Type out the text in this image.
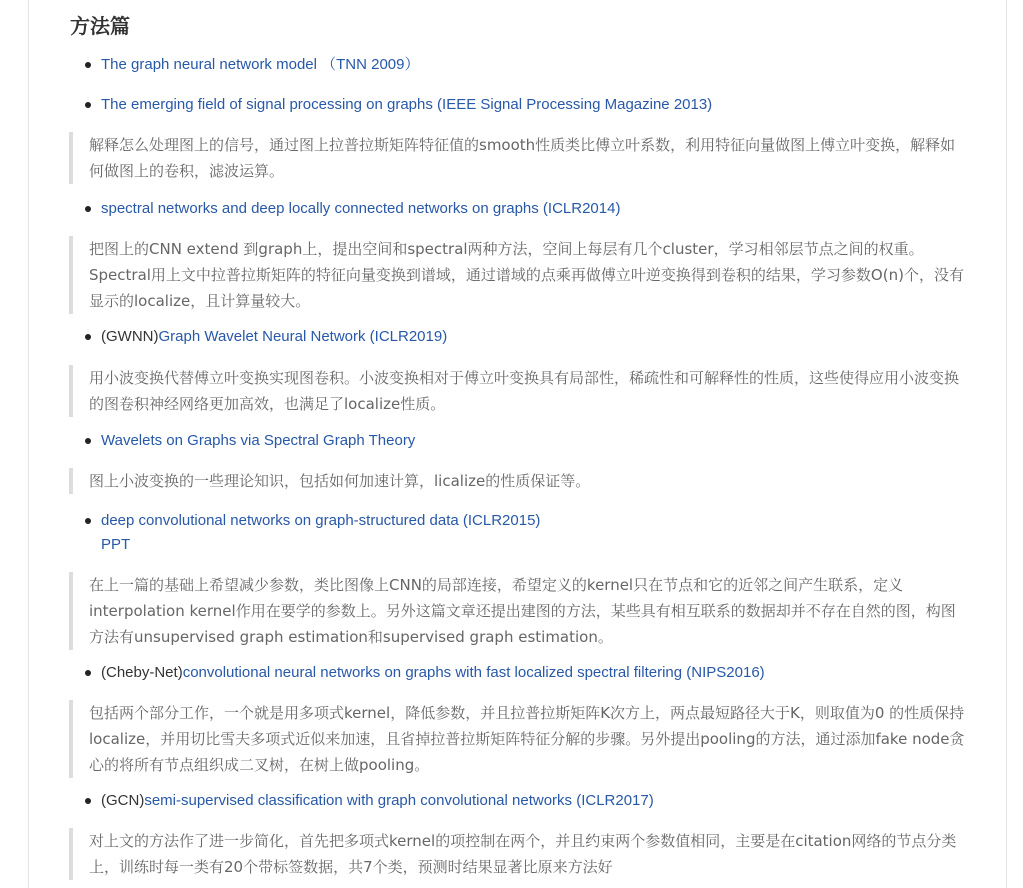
方法篇
The graph neural network model （TNN 2009）
The emerging field of signal processing on graphs (IEEE Signal Processing Magazine 2013)
解释怎么处理图上的信号，通过图上拉普拉斯矩阵特征值的smooth性质类比傅立叶系数，利用特征向量做图上傅立叶变换，解释如何做图上的卷积，滤波运算。
spectral networks and deep locally connected networks on graphs (ICLR2014)
把图上的CNN extend 到graph上，提出空间和spectral两种方法，空间上每层有几个cluster，学习相邻层节点之间的权重。Spectral用上文中拉普拉斯矩阵的特征向量变换到谱域，通过谱域的点乘再做傅立叶逆变换得到卷积的结果，学习参数O(n)个，没有显示的localize，且计算量较大。
(GWNN)Graph Wavelet Neural Network (ICLR2019)
用小波变换代替傅立叶变换实现图卷积。小波变换相对于傅立叶变换具有局部性，稀疏性和可解释性的性质，这些使得应用小波变换的图卷积神经网络更加高效，也满足了localize性质。
Wavelets on Graphs via Spectral Graph Theory
图上小波变换的一些理论知识，包括如何加速计算，licalize的性质保证等。
deep convolutional networks on graph-structured data (ICLR2015)
PPT
在上一篇的基础上希望减少参数，类比图像上CNN的局部连接，希望定义的kernel只在节点和它的近邻之间产生联系，定义interpolation kernel作用在要学的参数上。另外这篇文章还提出建图的方法，某些具有相互联系的数据却并不存在自然的图，构图方法有unsupervised graph estimation和supervised graph estimation。
(Cheby-Net)convolutional neural networks on graphs with fast localized spectral filtering (NIPS2016)
包括两个部分工作，一个就是用多项式kernel，降低参数，并且拉普拉斯矩阵K次方上，两点最短路径大于K，则取值为0 的性质保持localize，并用切比雪夫多项式近似来加速，且省掉拉普拉斯矩阵特征分解的步骤。另外提出pooling的方法，通过添加fake node贪心的将所有节点组织成二叉树，在树上做pooling。
(GCN)semi-supervised classification with graph convolutional networks (ICLR2017)
对上文的方法作了进一步简化，首先把多项式kernel的项控制在两个，并且约束两个参数值相同，主要是在citation网络的节点分类上，训练时每一类有20个带标签数据，共7个类，预测时结果显著比原来方法好
